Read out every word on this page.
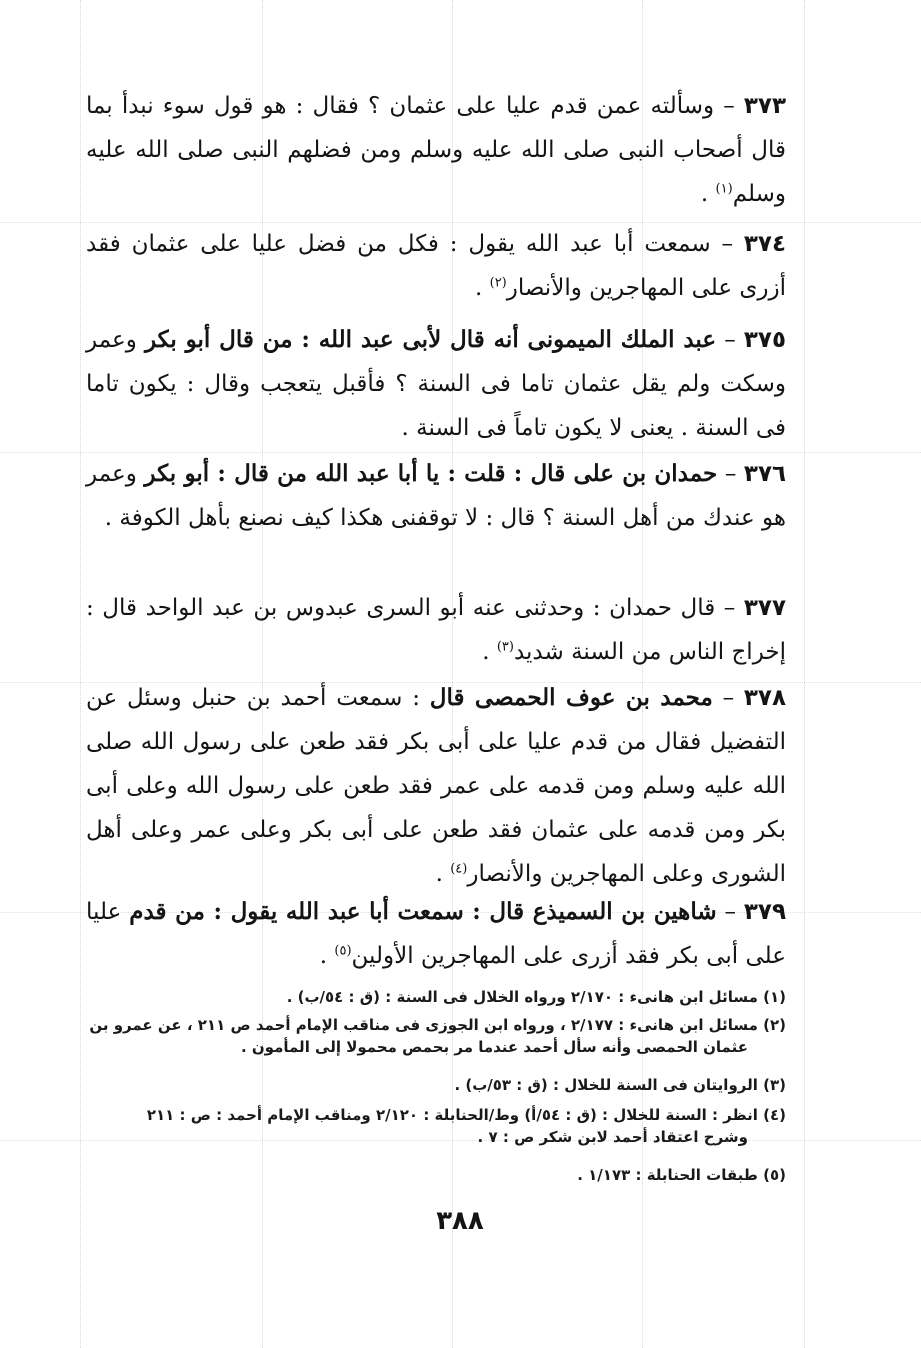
٣٧٣ – وسألته عمن قدم عليا على عثمان ؟ فقال : هو قول سوء نبدأ بما قال أصحاب النبى صلى الله عليه وسلم ومن فضلهم النبى صلى الله عليه وسلم$^{(١)}$ .

٣٧٤ – سمعت أبا عبد الله يقول : فكل من فضل عليا على عثمان فقد أزرى على المهاجرين والأنصار$^{(٢)}$ .

٣٧٥ – عبد الملك الميمونى أنه قال لأبى عبد الله : من قال أبو بكر وعمر وسكت ولم يقل عثمان تاما فى السنة ؟ فأقبل يتعجب وقال : يكون تاما فى السنة . يعنى لا يكون تاماً فى السنة .

٣٧٦ – حمدان بن على قال : قلت : يا أبا عبد الله من قال : أبو بكر وعمر هو عندك من أهل السنة ؟ قال : لا توقفنى هكذا كيف نصنع بأهل الكوفة .

٣٧٧ – قال حمدان : وحدثنى عنه أبو السرى عبدوس بن عبد الواحد قال : إخراج الناس من السنة شديد$^{(٣)}$ .

٣٧٨ – محمد بن عوف الحمصى قال : سمعت أحمد بن حنبل وسئل عن التفضيل فقال من قدم عليا على أبى بكر فقد طعن على رسول الله صلى الله عليه وسلم ومن قدمه على عمر فقد طعن على رسول الله وعلى أبى بكر ومن قدمه على عثمان فقد طعن على أبى بكر وعلى عمر وعلى أهل الشورى وعلى المهاجرين والأنصار$^{(٤)}$ .

٣٧٩ – شاهين بن السميذع قال : سمعت أبا عبد الله يقول : من قدم عليا على أبى بكر فقد أزرى على المهاجرين الأولين$^{(٥)}$ .

(١) مسائل ابن هانىء : ٢/١٧٠ ورواه الخلال فى السنة : (ق : ٥٤/ب) .
(٢) مسائل ابن هانىء : ٢/١٧٧ ، ورواه ابن الجوزى فى مناقب الإمام أحمد ص ٢١١ ، عن عمرو بن
عثمان الحمصى وأنه سأل أحمد عندما مر بحمص محمولا إلى المأمون .
(٣) الروايتان فى السنة للخلال : (ق : ٥٣/ب) .
(٤) انظر : السنة للخلال : (ق : ٥٤/أ) وط/الحنابلة : ٢/١٢٠ ومناقب الإمام أحمد : ص : ٢١١
وشرح اعتقاد أحمد لابن شكر ص : ٧ .
(٥) طبقات الحنابلة : ١/١٧٣ .
٣٨٨
